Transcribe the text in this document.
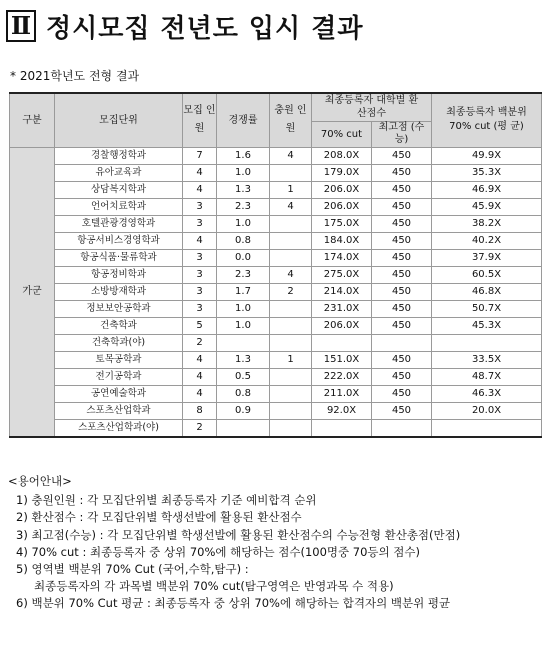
Ⅱ 정시모집 전년도 입시 결과
* 2021학년도 전형 결과
구분	모집단위	모집 인원	경쟁률	충원 인원	최종등록자 대학별 환산점수		최종등록자 백분위 70% cut (평 균)
					70% cut	최고점 (수능)	
가군	경찰행정학과	7	1.6	4	208.0X	450	49.9X
	유아교육과	4	1.0		179.0X	450	35.3X
	상담복지학과	4	1.3	1	206.0X	450	46.9X
	언어치료학과	3	2.3	4	206.0X	450	45.9X
	호텔관광경영학과	3	1.0		175.0X	450	38.2X
	항공서비스경영학과	4	0.8		184.0X	450	40.2X
	항공식품·물류학과	3	0.0		174.0X	450	37.9X
	항공정비학과	3	2.3	4	275.0X	450	60.5X
	소방방재학과	3	1.7	2	214.0X	450	46.8X
	정보보안공학과	3	1.0		231.0X	450	50.7X
	건축학과	5	1.0		206.0X	450	45.3X
	건축학과(야)	2					
	토목공학과	4	1.3	1	151.0X	450	33.5X
	전기공학과	4	0.5		222.0X	450	48.7X
	공연예술학과	4	0.8		211.0X	450	46.3X
	스포츠산업학과	8	0.9		92.0X	450	20.0X
	스포츠산업학과(야)	2					
<용어안내>
1) 충원인원 : 각 모집단위별 최종등록자 기준 예비합격 순위
2) 환산점수 : 각 모집단위별 학생선발에 활용된 환산점수
3) 최고점(수능) : 각 모집단위별 학생선발에 활용된 환산점수의 수능전형 환산총점(만점)
4) 70% cut : 최종등록자 중 상위 70%에 해당하는 점수(100명중 70등의 점수)
5) 영역별 백분위 70% Cut (국어,수학,탐구) :
최종등록자의 각 과목별 백분위 70% cut(탐구영역은 반영과목 수 적용)
6) 백분위 70% Cut 평균 : 최종등록자 중 상위 70%에 해당하는 합격자의 백분위 평균
